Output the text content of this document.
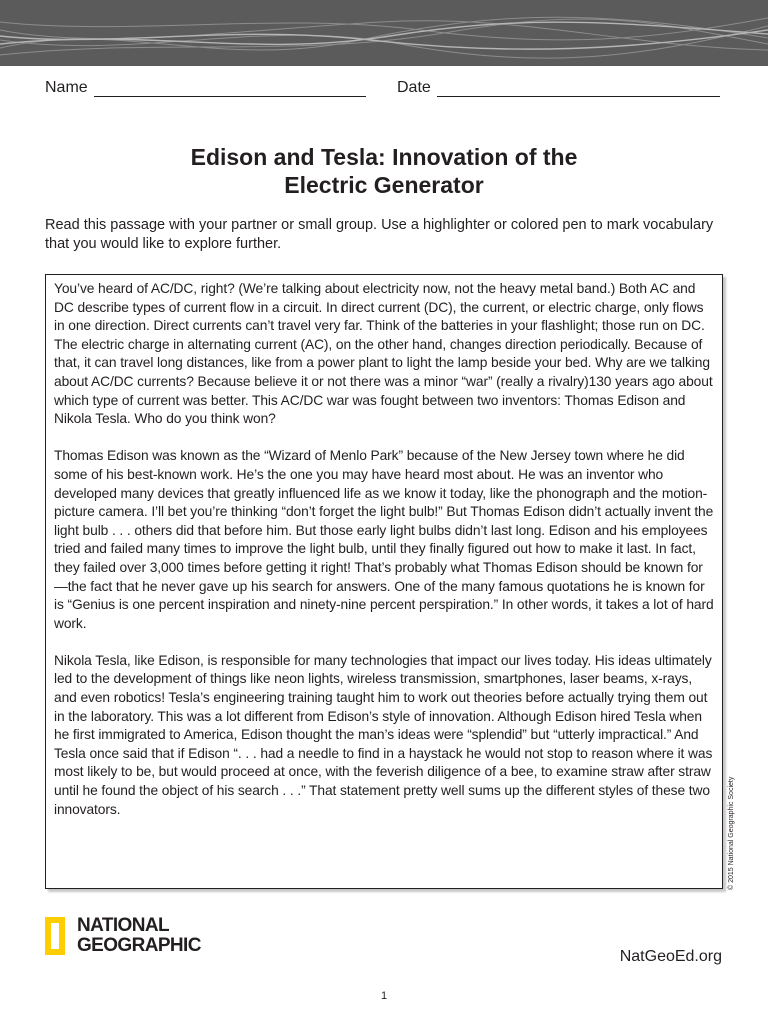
Name	Date
Edison and Tesla: Innovation of the
Electric Generator

Read this passage with your partner or small group. Use a highlighter or colored pen to mark vocabulary that you would like to explore further.

You’ve heard of AC/DC, right? (We’re talking about electricity now, not the heavy metal band.) Both AC and DC describe types of current flow in a circuit. In direct current (DC), the current, or electric charge, only flows in one direction. Direct currents can’t travel very far. Think of the batteries in your flashlight; those run on DC. The electric charge in alternating current (AC), on the other hand, changes direction periodically. Because of that, it can travel long distances, like from a power plant to light the lamp beside your bed. Why are we talking about AC/DC currents? Because believe it or not there was a minor “war” (really a rivalry)130 years ago about which type of current was better. This AC/DC war was fought between two inventors: Thomas Edison and Nikola Tesla. Who do you think won?

Thomas Edison was known as the “Wizard of Menlo Park” because of the New Jersey town where he did some of his best-known work. He’s the one you may have heard most about. He was an inventor who developed many devices that greatly influenced life as we know it today, like the phonograph and the motion-picture camera. I’ll bet you’re thinking “don’t forget the light bulb!” But Thomas Edison didn’t actually invent the light bulb . . . others did that before him. But those early light bulbs didn’t last long. Edison and his employees tried and failed many times to improve the light bulb, until they finally figured out how to make it last. In fact, they failed over 3,000 times before getting it right! That’s probably what Thomas Edison should be known for—the fact that he never gave up his search for answers. One of the many famous quotations he is known for is “Genius is one percent inspiration and ninety-nine percent perspiration.” In other words, it takes a lot of hard work.

Nikola Tesla, like Edison, is responsible for many technologies that impact our lives today. His ideas ultimately led to the development of things like neon lights, wireless transmission, smartphones, laser beams, x-rays, and even robotics! Tesla’s engineering training taught him to work out theories before actually trying them out in the laboratory. This was a lot different from Edison’s style of innovation. Although Edison hired Tesla when he first immigrated to America, Edison thought the man’s ideas were “splendid” but “utterly impractical.” And Tesla once said that if Edison “. . . had a needle to find in a haystack he would not stop to reason where it was most likely to be, but would proceed at once, with the feverish diligence of a bee, to examine straw after straw until he found the object of his search . . .” That statement pretty well sums up the different styles of these two innovators.	© 2015 National Geographic Society
NATIONAL
GEOGRAPHIC
NatGeoEd.org
1
